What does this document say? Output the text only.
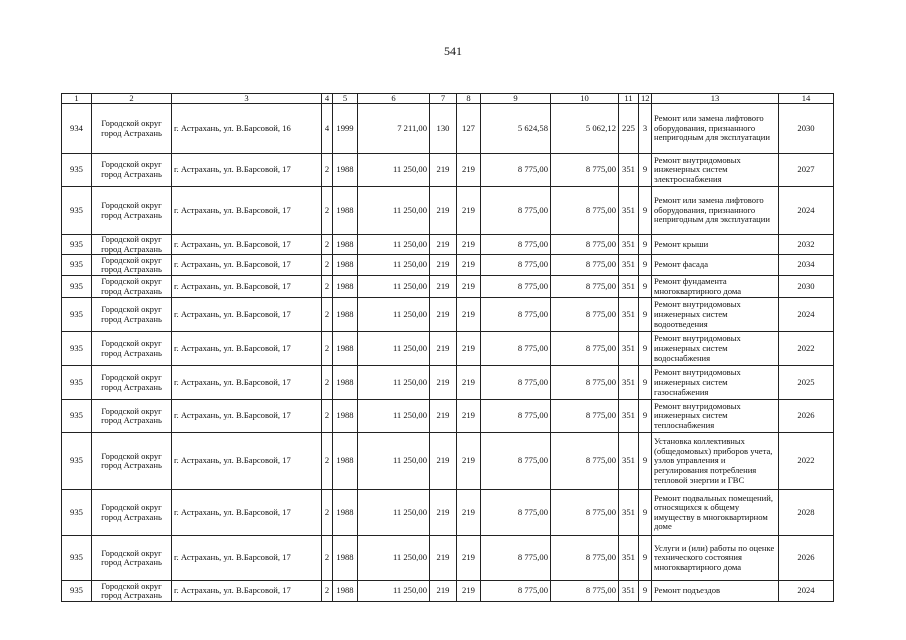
541
1	2	3	4	5	6	7	8	9	10	11	12	13	14
934	Городской округ город Астрахань	г. Астрахань, ул. В.Барсовой, 16	4	1999	7 211,00	130	127	5 624,58	5 062,12	225	3	Ремонт или замена лифтового оборудования, признанного непригодным для эксплуатации	2030
935	Городской округ город Астрахань	г. Астрахань, ул. В.Барсовой, 17	2	1988	11 250,00	219	219	8 775,00	8 775,00	351	9	Ремонт внутридомовых инженерных систем электроснабжения	2027
935	Городской округ город Астрахань	г. Астрахань, ул. В.Барсовой, 17	2	1988	11 250,00	219	219	8 775,00	8 775,00	351	9	Ремонт или замена лифтового оборудования, признанного непригодным для эксплуатации	2024
935	Городской округ город Астрахань	г. Астрахань, ул. В.Барсовой, 17	2	1988	11 250,00	219	219	8 775,00	8 775,00	351	9	Ремонт крыши	2032
935	Городской округ город Астрахань	г. Астрахань, ул. В.Барсовой, 17	2	1988	11 250,00	219	219	8 775,00	8 775,00	351	9	Ремонт фасада	2034
935	Городской округ город Астрахань	г. Астрахань, ул. В.Барсовой, 17	2	1988	11 250,00	219	219	8 775,00	8 775,00	351	9	Ремонт фундамента многоквартирного дома	2030
935	Городской округ город Астрахань	г. Астрахань, ул. В.Барсовой, 17	2	1988	11 250,00	219	219	8 775,00	8 775,00	351	9	Ремонт внутридомовых инженерных систем водоотведения	2024
935	Городской округ город Астрахань	г. Астрахань, ул. В.Барсовой, 17	2	1988	11 250,00	219	219	8 775,00	8 775,00	351	9	Ремонт внутридомовых инженерных систем водоснабжения	2022
935	Городской округ город Астрахань	г. Астрахань, ул. В.Барсовой, 17	2	1988	11 250,00	219	219	8 775,00	8 775,00	351	9	Ремонт внутридомовых инженерных систем газоснабжения	2025
935	Городской округ город Астрахань	г. Астрахань, ул. В.Барсовой, 17	2	1988	11 250,00	219	219	8 775,00	8 775,00	351	9	Ремонт внутридомовых инженерных систем теплоснабжения	2026
935	Городской округ город Астрахань	г. Астрахань, ул. В.Барсовой, 17	2	1988	11 250,00	219	219	8 775,00	8 775,00	351	9	Установка коллективных (общедомовых) приборов учета, узлов управления и регулирования потребления тепловой энергии и ГВС	2022
935	Городской округ город Астрахань	г. Астрахань, ул. В.Барсовой, 17	2	1988	11 250,00	219	219	8 775,00	8 775,00	351	9	Ремонт подвальных помещений, относящихся к общему имуществу в многоквартирном доме	2028
935	Городской округ город Астрахань	г. Астрахань, ул. В.Барсовой, 17	2	1988	11 250,00	219	219	8 775,00	8 775,00	351	9	Услуги и (или) работы по оценке технического состояния многоквартирного дома	2026
935	Городской округ город Астрахань	г. Астрахань, ул. В.Барсовой, 17	2	1988	11 250,00	219	219	8 775,00	8 775,00	351	9	Ремонт подъездов	2024
